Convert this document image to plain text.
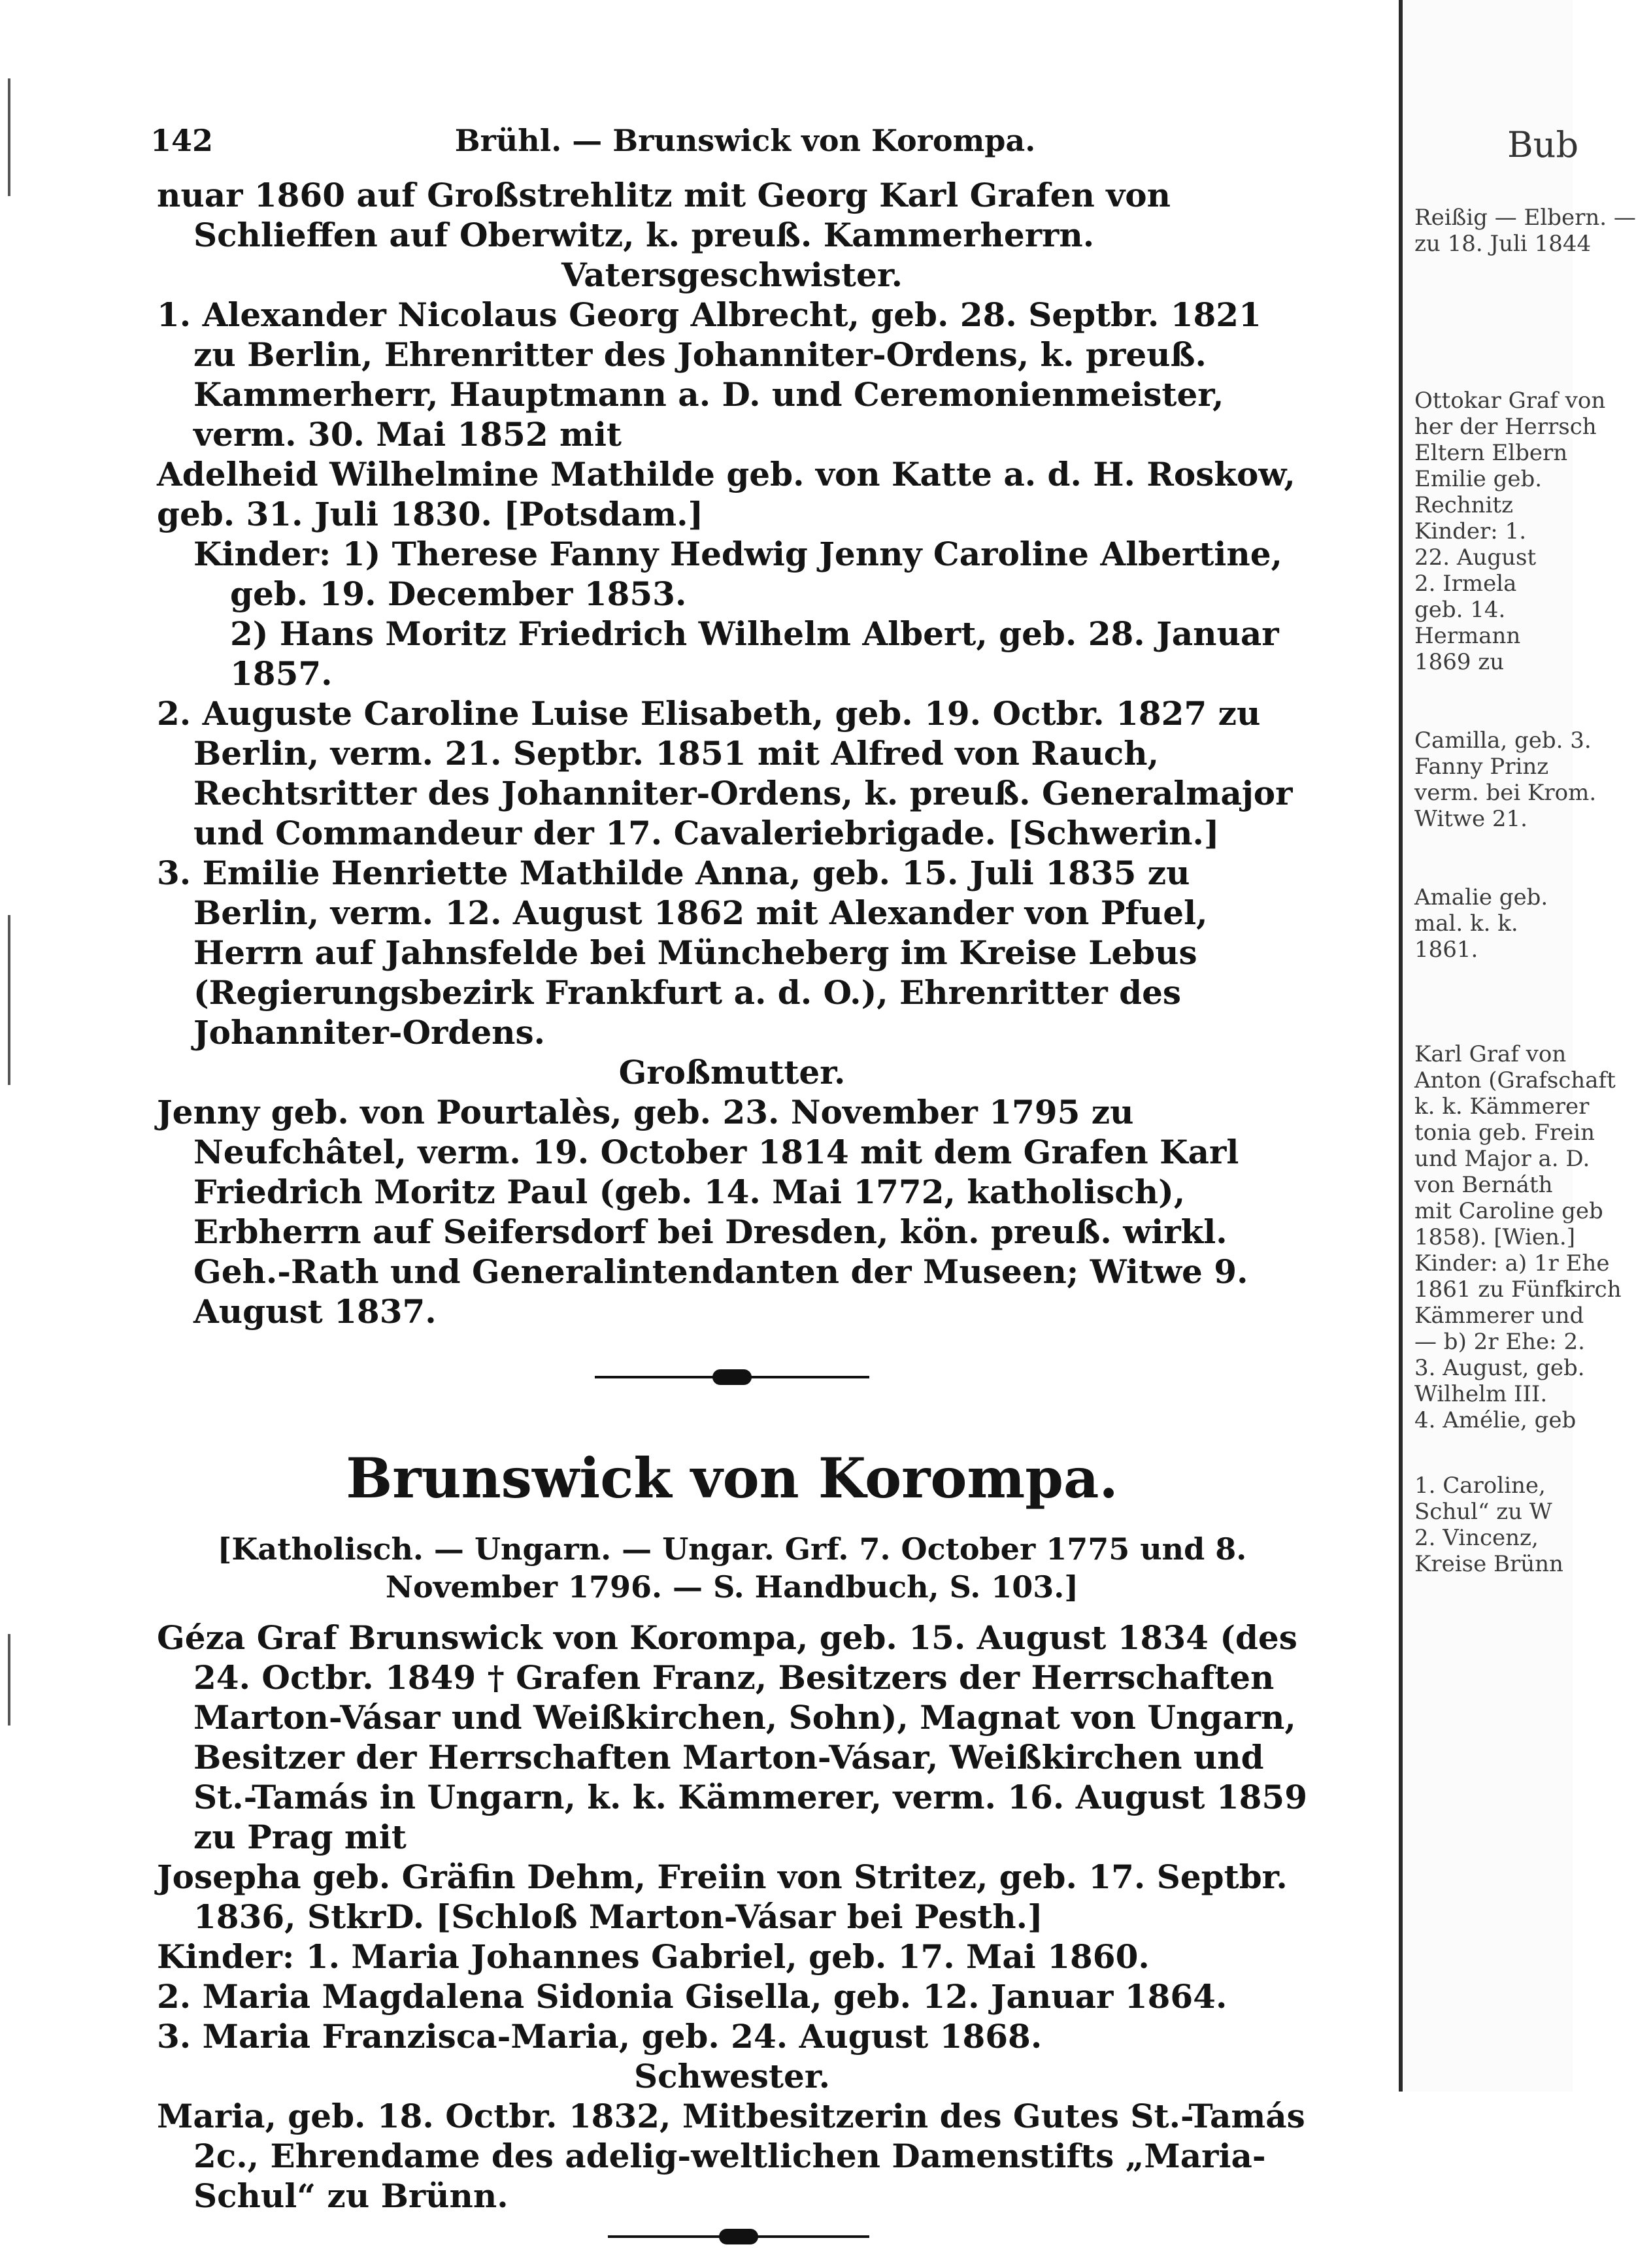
142	Brühl. — Brunswick von Korompa.

nuar 1860 auf Großstrehlitz mit Georg Karl Grafen von Schlieffen auf Oberwitz, k. preuß. Kammerherrn.

Vatersgeschwister.

1. Alexander Nicolaus Georg Albrecht, geb. 28. Septbr. 1821 zu Berlin, Ehrenritter des Johanniter-Ordens, k. preuß. Kammerherr, Hauptmann a. D. und Ceremonienmeister, verm. 30. Mai 1852 mit

Adelheid Wilhelmine Mathilde geb. von Katte a. d. H. Roskow, geb. 31. Juli 1830. [Potsdam.]

Kinder: 1) Therese Fanny Hedwig Jenny Caroline Albertine, geb. 19. December 1853.

2) Hans Moritz Friedrich Wilhelm Albert, geb. 28. Januar 1857.

2. Auguste Caroline Luise Elisabeth, geb. 19. Octbr. 1827 zu Berlin, verm. 21. Septbr. 1851 mit Alfred von Rauch, Rechtsritter des Johanniter-Ordens, k. preuß. Generalmajor und Commandeur der 17. Cavaleriebrigade. [Schwerin.]

3. Emilie Henriette Mathilde Anna, geb. 15. Juli 1835 zu Berlin, verm. 12. August 1862 mit Alexander von Pfuel, Herrn auf Jahnsfelde bei Müncheberg im Kreise Lebus (Regierungsbezirk Frankfurt a. d. O.), Ehrenritter des Johanniter-Ordens.

Großmutter.

Jenny geb. von Pourtalès, geb. 23. November 1795 zu Neufchâtel, verm. 19. October 1814 mit dem Grafen Karl Friedrich Moritz Paul (geb. 14. Mai 1772, katholisch), Erbherrn auf Seifersdorf bei Dresden, kön. preuß. wirkl. Geh.-Rath und Generalintendanten der Museen; Witwe 9. August 1837.

Brunswick von Korompa.

[Katholisch. — Ungarn. — Ungar. Grf. 7. October 1775 und 8. November 1796. — S. Handbuch, S. 103.]

Géza Graf Brunswick von Korompa, geb. 15. August 1834 (des 24. Octbr. 1849 † Grafen Franz, Besitzers der Herrschaften Marton-Vásar und Weißkirchen, Sohn), Magnat von Ungarn, Besitzer der Herrschaften Marton-Vásar, Weißkirchen und St.-Tamás in Ungarn, k. k. Kämmerer, verm. 16. August 1859 zu Prag mit

Josepha geb. Gräfin Dehm, Freiin von Stritez, geb. 17. Septbr. 1836, StkrD. [Schloß Marton-Vásar bei Pesth.]

Kinder: 1. Maria Johannes Gabriel, geb. 17. Mai 1860.

2. Maria Magdalena Sidonia Gisella, geb. 12. Januar 1864.

3. Maria Franzisca-Maria, geb. 24. August 1868.

Schwester.

Maria, geb. 18. Octbr. 1832, Mitbesitzerin des Gutes St.-Tamás 2c., Ehrendame des adelig-weltlichen Damenstifts „Maria-Schul“ zu Brünn.

Bub
Reißig — Elbern. —
zu 18. Juli 1844
Ottokar Graf von
her der Herrsch
Eltern Elbern
Emilie geb.
Rechnitz
Kinder: 1.
22. August
2. Irmela
geb. 14.
Hermann
1869 zu
Camilla, geb. 3.
Fanny Prinz
verm. bei Krom.
Witwe 21.
Amalie geb.
mal. k. k.
1861.
Karl Graf von
Anton (Grafschaft
k. k. Kämmerer
tonia geb. Frein
und Major a. D.
von Bernáth
mit Caroline geb
1858). [Wien.]
Kinder: a) 1r Ehe
1861 zu Fünfkirch
Kämmerer und
— b) 2r Ehe: 2.
3. August, geb.
Wilhelm III.
4. Amélie, geb
1. Caroline,
Schul“ zu W
2. Vincenz,
Kreise Brünn
